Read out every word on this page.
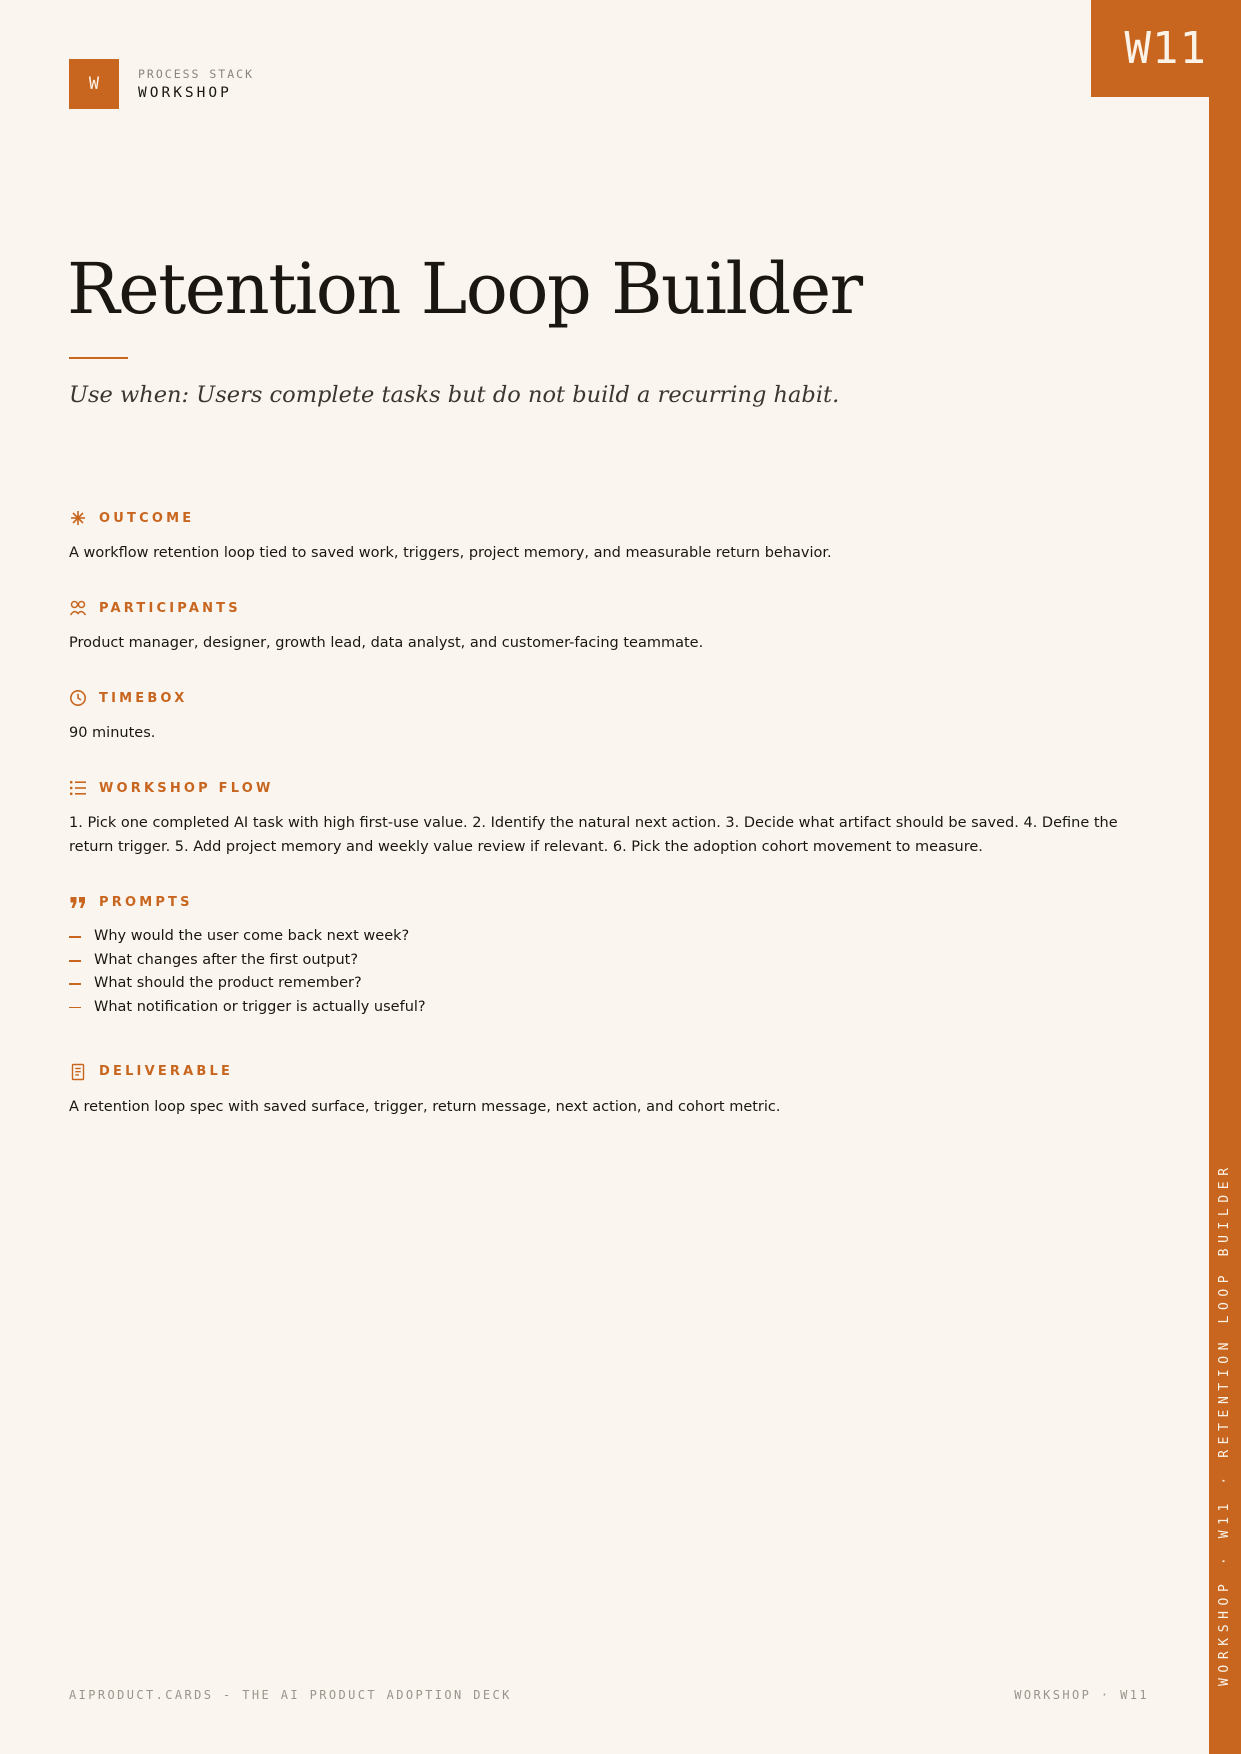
W11
WORKSHOP · W11 · RETENTION LOOP BUILDER
W	PROCESS STACK
WORKSHOP
Retention Loop Builder

Use when: Users complete tasks but do not build a recurring habit.

OUTCOME

A workflow retention loop tied to saved work, triggers, project memory, and measurable return behavior.

PARTICIPANTS

Product manager, designer, growth lead, data analyst, and customer-facing teammate.

TIMEBOX

90 minutes.

WORKSHOP FLOW

1. Pick one completed AI task with high first-use value. 2. Identify the natural next action. 3. Decide what artifact should be saved. 4. Define the return trigger. 5. Add project memory and weekly value review if relevant. 6. Pick the adoption cohort movement to measure.

PROMPTS
Why would the user come back next week?
What changes after the first output?
What should the product remember?
What notification or trigger is actually useful?
DELIVERABLE

A retention loop spec with saved surface, trigger, return message, next action, and cohort metric.

AIPRODUCT.CARDS - THE AI PRODUCT ADOPTION DECK	WORKSHOP · W11
